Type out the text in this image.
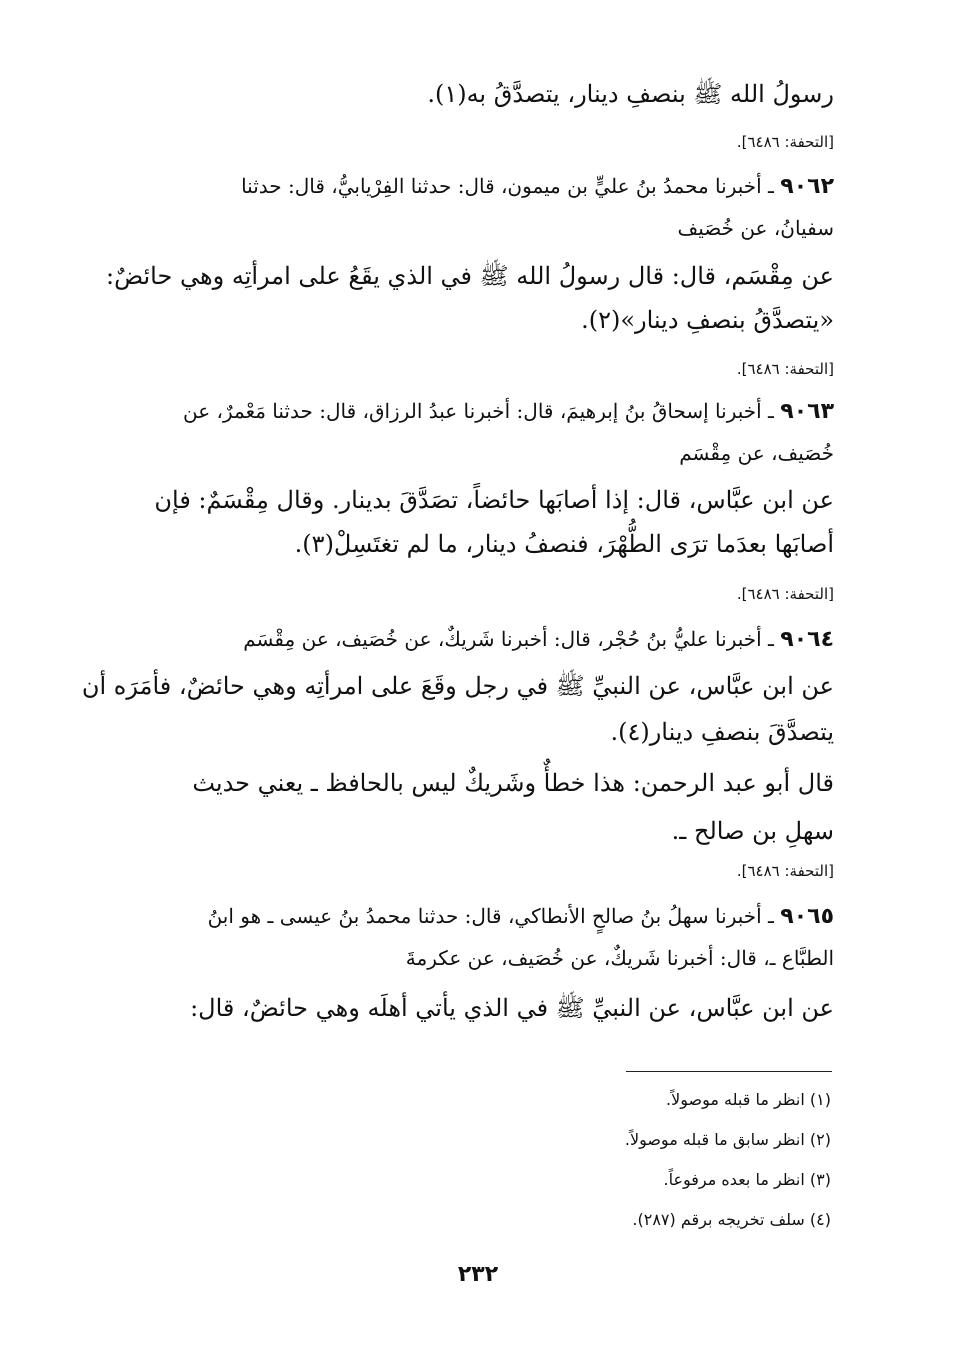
رسولُ الله ﷺ بنصفِ دينار، يتصدَّقُ به(١).
[التحفة: ٦٤٨٦].
٩٠٦٢ ـ أخبرنا محمدُ بنُ عليٍّ بن ميمون، قال: حدثنا الفِرْيابيُّ، قال: حدثنا
سفيانُ، عن خُصَيف
عن مِقْسَم، قال: قال رسولُ الله ﷺ في الذي يقَعُ على امرأتِه وهي حائضٌ:
«يتصدَّقُ بنصفِ دينار»(٢).
[التحفة: ٦٤٨٦].
٩٠٦٣ ـ أخبرنا إسحاقُ بنُ إبرهيمَ، قال: أخبرنا عبدُ الرزاق، قال: حدثنا مَعْمرٌ، عن
خُصَيف، عن مِقْسَم
عن ابن عبَّاس، قال: إذا أصابَها حائضاً، تصَدَّقَ بدينار. وقال مِقْسَمٌ: فإن
أصابَها بعدَما ترَى الطُّهْرَ، فنصفُ دينار، ما لم تغتَسِلْ(٣).
[التحفة: ٦٤٨٦].
٩٠٦٤ ـ أخبرنا عليُّ بنُ حُجْر، قال: أخبرنا شَريكٌ، عن خُصَيف، عن مِقْسَم
عن ابن عبَّاس، عن النبيِّ ﷺ في رجل وقَعَ على امرأتِه وهي حائضٌ، فأمَرَه أن
يتصدَّقَ بنصفِ دينار(٤).
قال أبو عبد الرحمن: هذا خطأٌ وشَريكٌ ليس بالحافظ ـ يعني حديث
سهلِ بن صالح ـ.
[التحفة: ٦٤٨٦].
٩٠٦٥ ـ أخبرنا سهلُ بنُ صالحٍ الأنطاكي، قال: حدثنا محمدُ بنُ عيسى ـ هو ابنُ
الطبَّاع ـ، قال: أخبرنا شَريكٌ، عن خُصَيف، عن عكرمةَ
عن ابن عبَّاس، عن النبيِّ ﷺ في الذي يأتي أهلَه وهي حائضٌ، قال:
(١) انظر ما قبله موصولاً.
(٢) انظر سابق ما قبله موصولاً.
(٣) انظر ما بعده مرفوعاً.
(٤) سلف تخريجه برقم (٢٨٧).
٢٣٢
